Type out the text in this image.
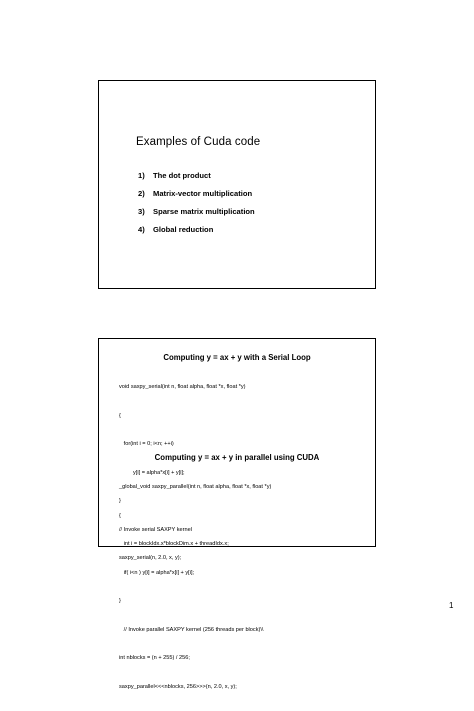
Examples of Cuda code
1) The dot product
2) Matrix-vector multiplication
3) Sparse matrix multiplication
4) Global reduction
Computing y = ax + y with a Serial Loop

void saxpy_serial(int n, float alpha, float *x, float *y)

{

for(int i = 0; i<n; ++i)

y[i] = alpha*x[i] + y[i];

}

// Invoke serial SAXPY kernel

saxpy_serial(n, 2.0, x, y);

Computing y = ax + y in parallel using CUDA

_global_void saxpy_parallel(int n, float alpha, float *x, float *y)

{

int i = blockIdx.x*blockDim.x + threadIdx.x;

if( i<n ) y[i] = alpha*x[i] + y[i];

}

// Invoke parallel SAXPY kernel (256 threads per block)\\

int nblocks = (n + 255) / 256;

saxpy_parallel<<<nblocks, 256>>>(n, 2.0, x, y);

1
